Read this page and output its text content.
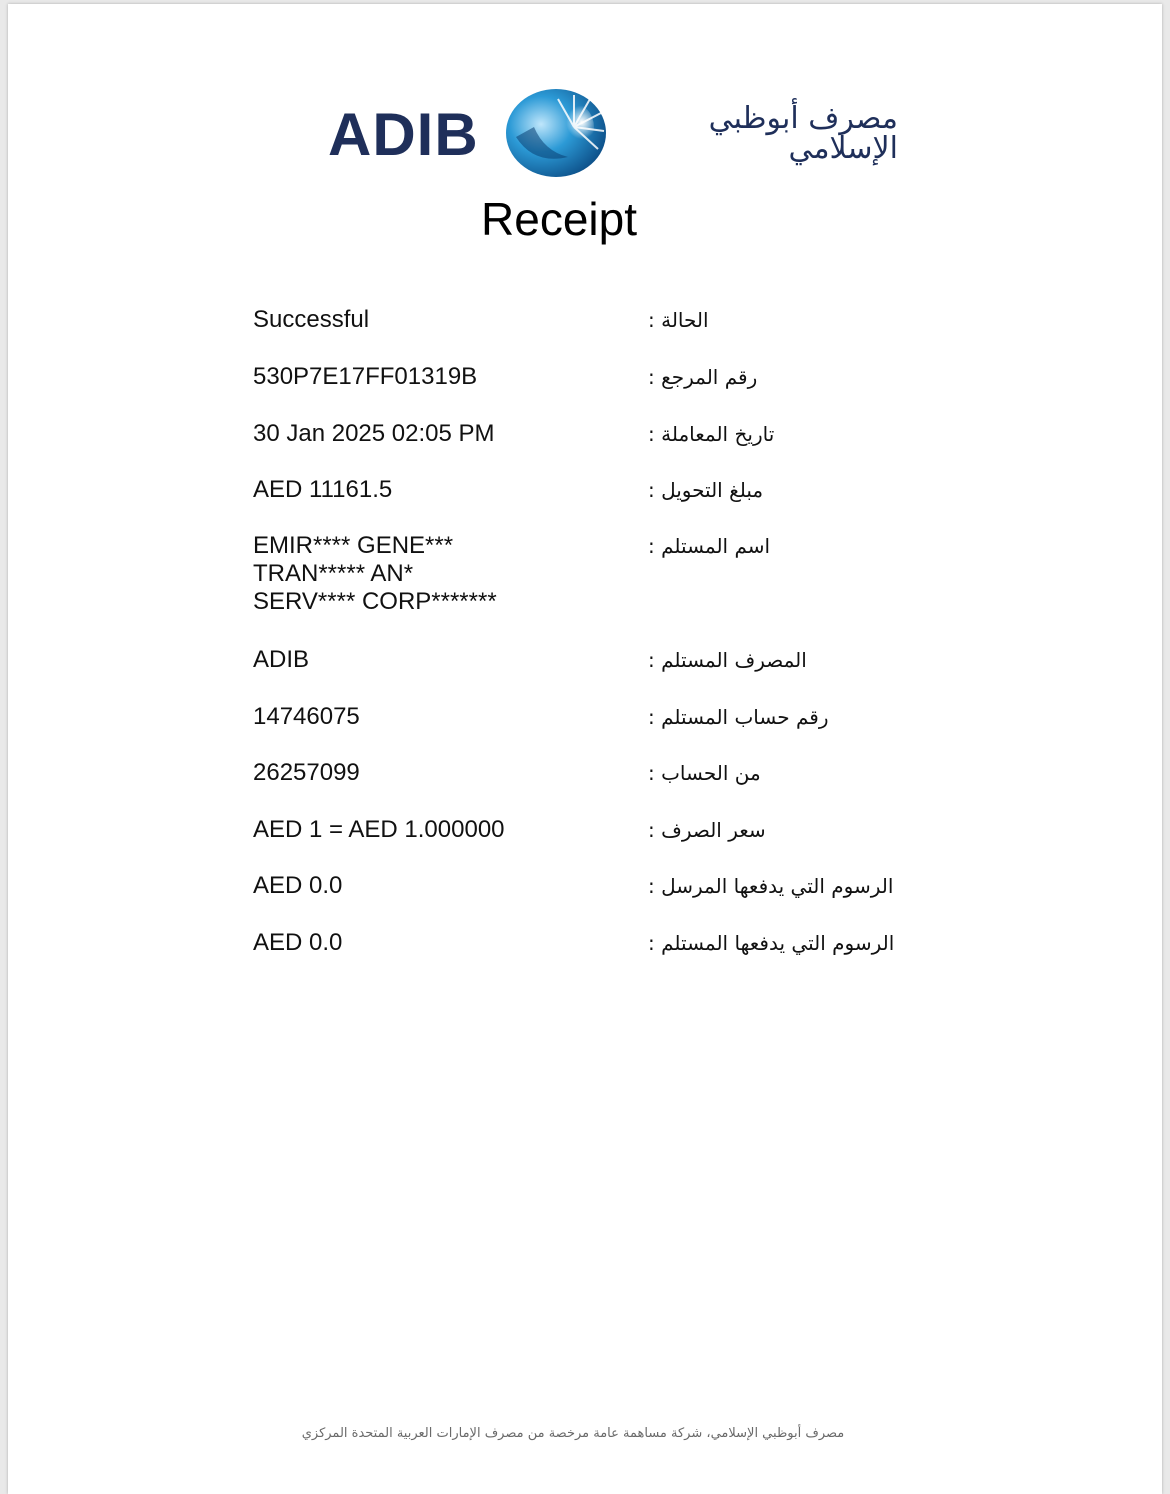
ADIB	مصرف أبوظبي
الإسلامي
Receipt
Successful	الحالة :
530P7E17FF01319B	رقم المرجع :
30 Jan 2025 02:05 PM	تاريخ المعاملة :
AED 11161.5	مبلغ التحويل :
EMIR**** GENE***
TRAN***** AN*
SERV**** CORP*******
اسم المستلم :
ADIB	المصرف المستلم :
14746075	رقم حساب المستلم :
26257099	من الحساب :
AED 1 = AED 1.000000	سعر الصرف :
AED 0.0	الرسوم التي يدفعها المرسل :
AED 0.0	الرسوم التي يدفعها المستلم :
مصرف أبوظبي الإسلامي، شركة مساهمة عامة مرخصة من مصرف الإمارات العربية المتحدة المركزي
